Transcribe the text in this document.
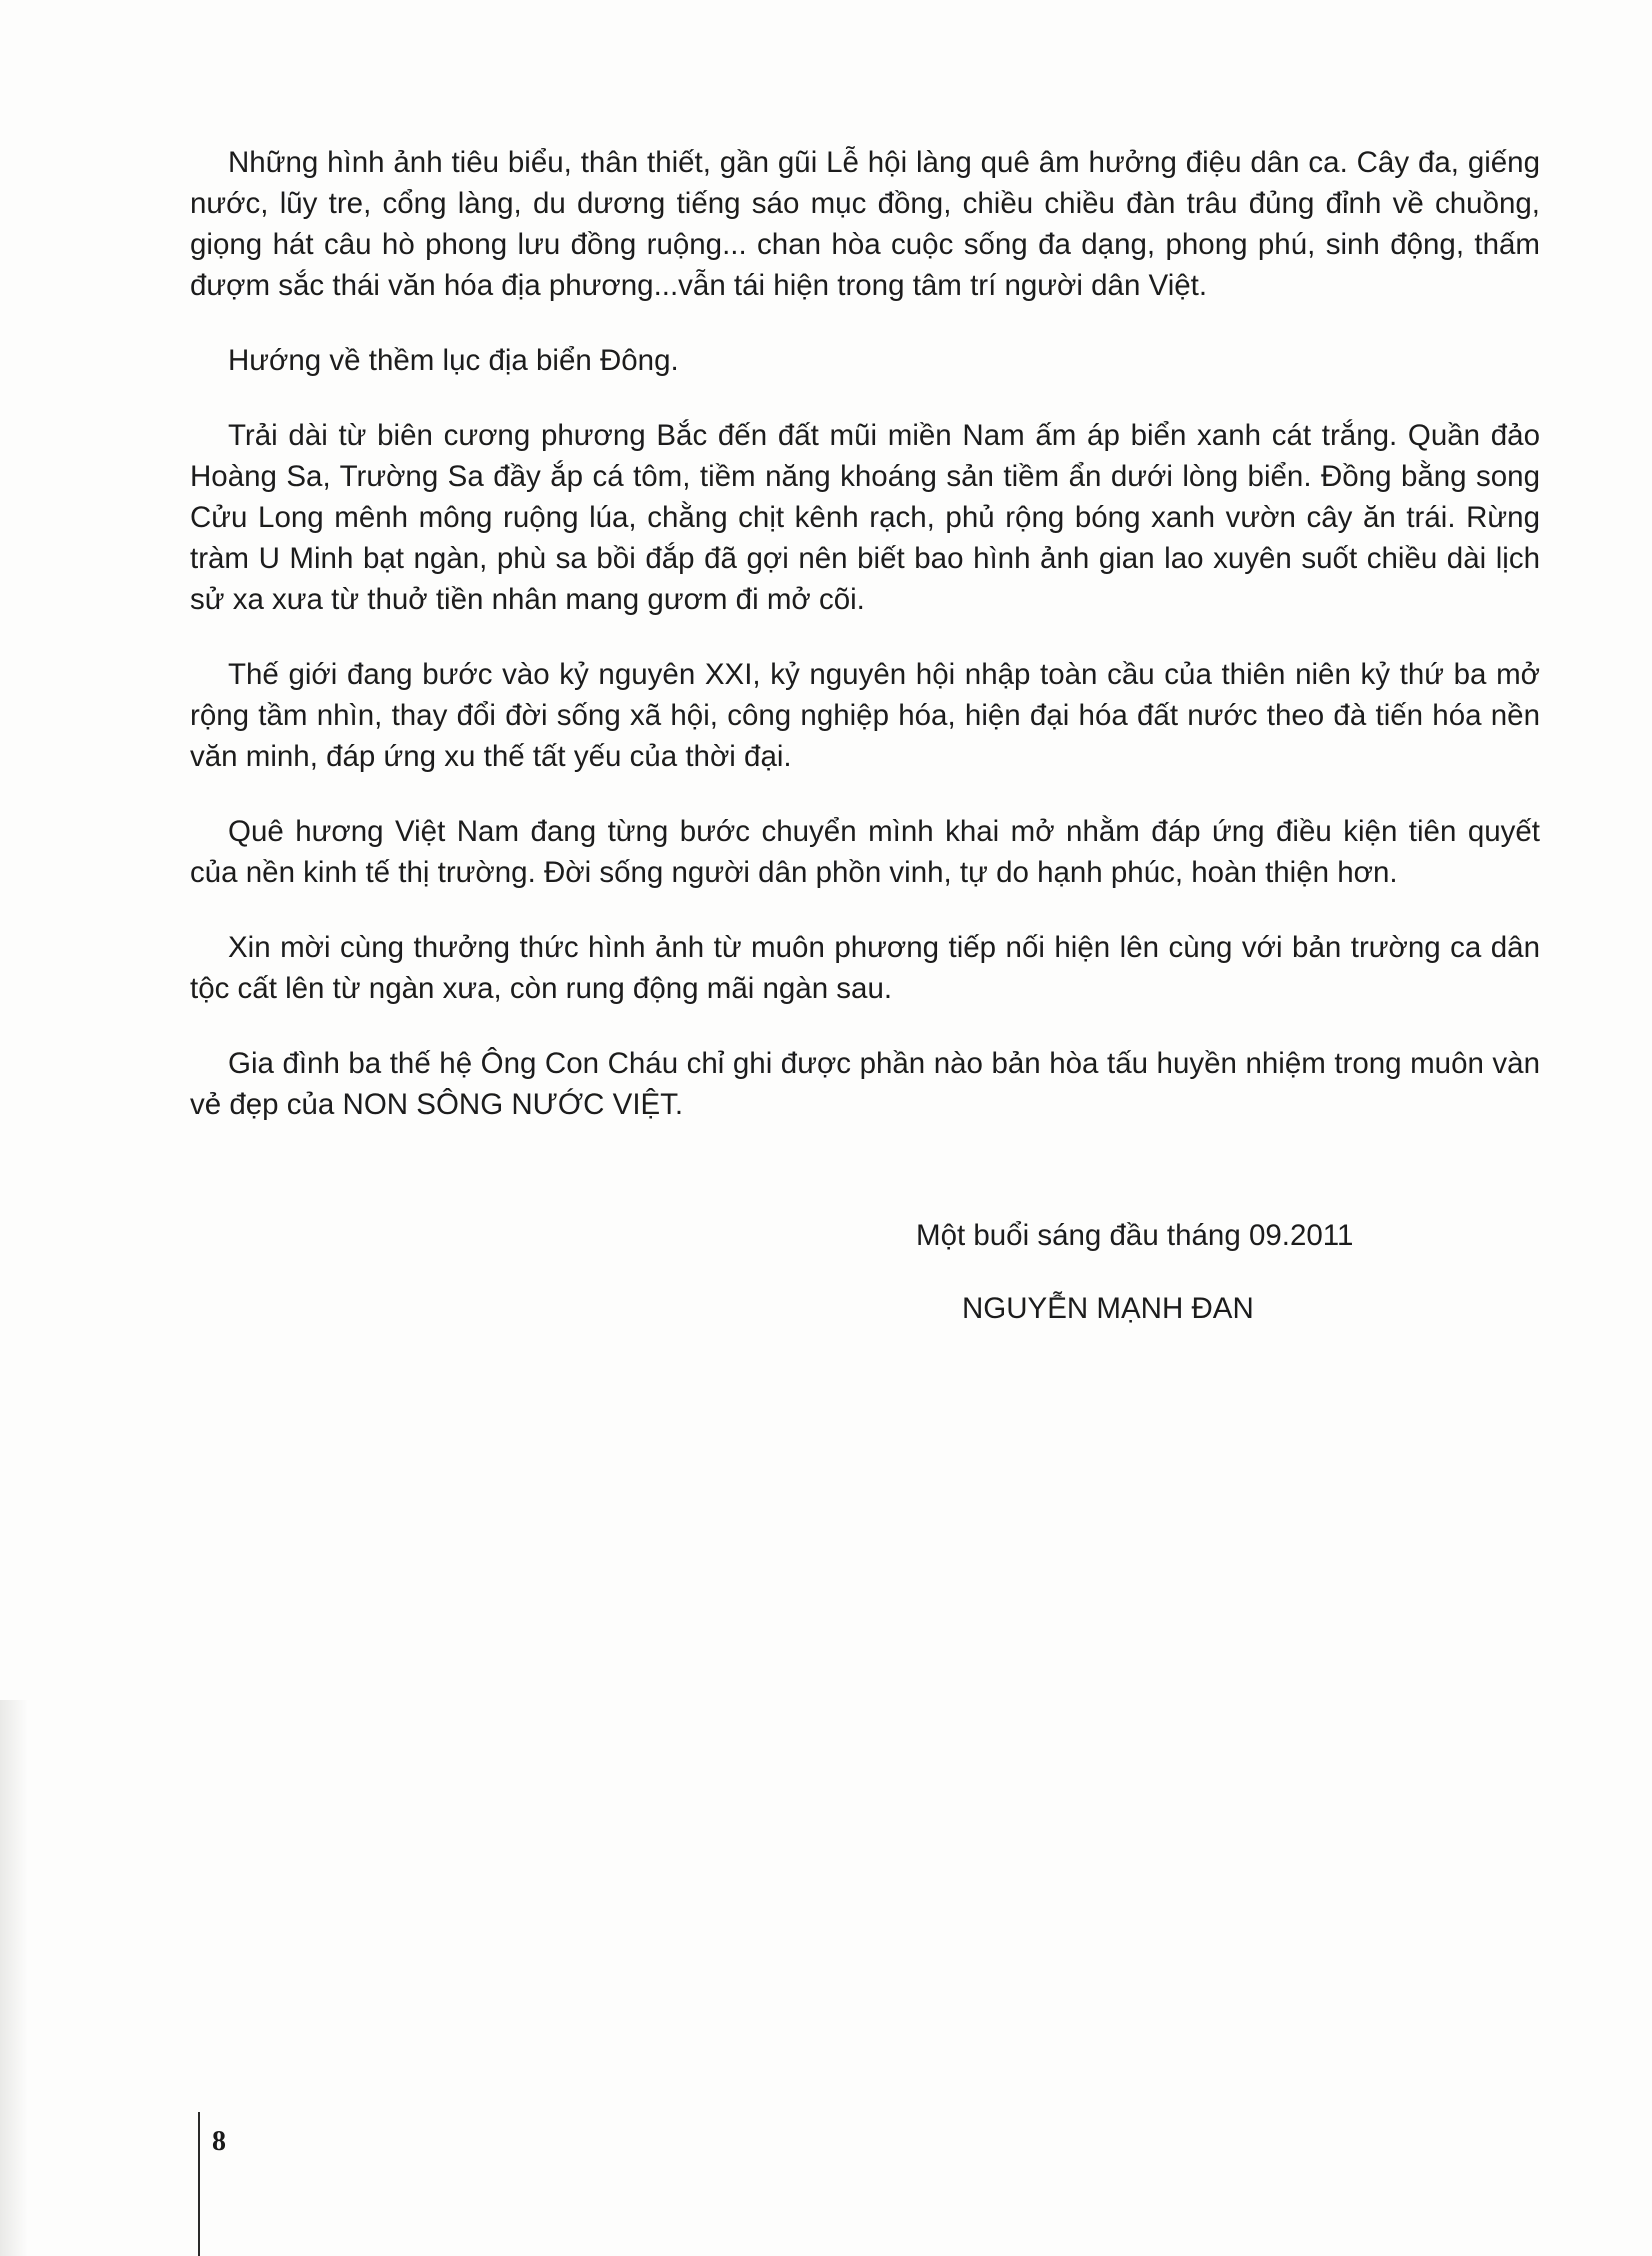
Những hình ảnh tiêu biểu, thân thiết, gần gũi Lễ hội làng quê âm hưởng điệu dân ca. Cây đa, giếng nước, lũy tre, cổng làng, du dương tiếng sáo mục đồng, chiều chiều đàn trâu đủng đỉnh về chuồng, giọng hát câu hò phong lưu đồng ruộng... chan hòa cuộc sống đa dạng, phong phú, sinh động, thấm đượm sắc thái văn hóa địa phương...vẫn tái hiện trong tâm trí người dân Việt.

Hướng về thềm lục địa biển Đông.

Trải dài từ biên cương phương Bắc đến đất mũi miền Nam ấm áp biển xanh cát trắng. Quần đảo Hoàng Sa, Trường Sa đầy ắp cá tôm, tiềm năng khoáng sản tiềm ẩn dưới lòng biển. Đồng bằng song Cửu Long mênh mông ruộng lúa, chằng chịt kênh rạch, phủ rộng bóng xanh vườn cây ăn trái. Rừng tràm U Minh bạt ngàn, phù sa bồi đắp đã gợi nên biết bao hình ảnh gian lao xuyên suốt chiều dài lịch sử xa xưa từ thuở tiền nhân mang gươm đi mở cõi.

Thế giới đang bước vào kỷ nguyên XXI, kỷ nguyên hội nhập toàn cầu của thiên niên kỷ thứ ba mở rộng tầm nhìn, thay đổi đời sống xã hội, công nghiệp hóa, hiện đại hóa đất nước theo đà tiến hóa nền văn minh, đáp ứng xu thế tất yếu của thời đại.

Quê hương Việt Nam đang từng bước chuyển mình khai mở nhằm đáp ứng điều kiện tiên quyết của nền kinh tế thị trường. Đời sống người dân phồn vinh, tự do hạnh phúc, hoàn thiện hơn.

Xin mời cùng thưởng thức hình ảnh từ muôn phương tiếp nối hiện lên cùng với bản trường ca dân tộc cất lên từ ngàn xưa, còn rung động mãi ngàn sau.

Gia đình ba thế hệ Ông Con Cháu chỉ ghi được phần nào bản hòa tấu huyền nhiệm trong muôn vàn vẻ đẹp của NON SÔNG NƯỚC VIỆT.

Một buổi sáng đầu tháng 09.2011

NGUYỄN MẠNH ĐAN

8
